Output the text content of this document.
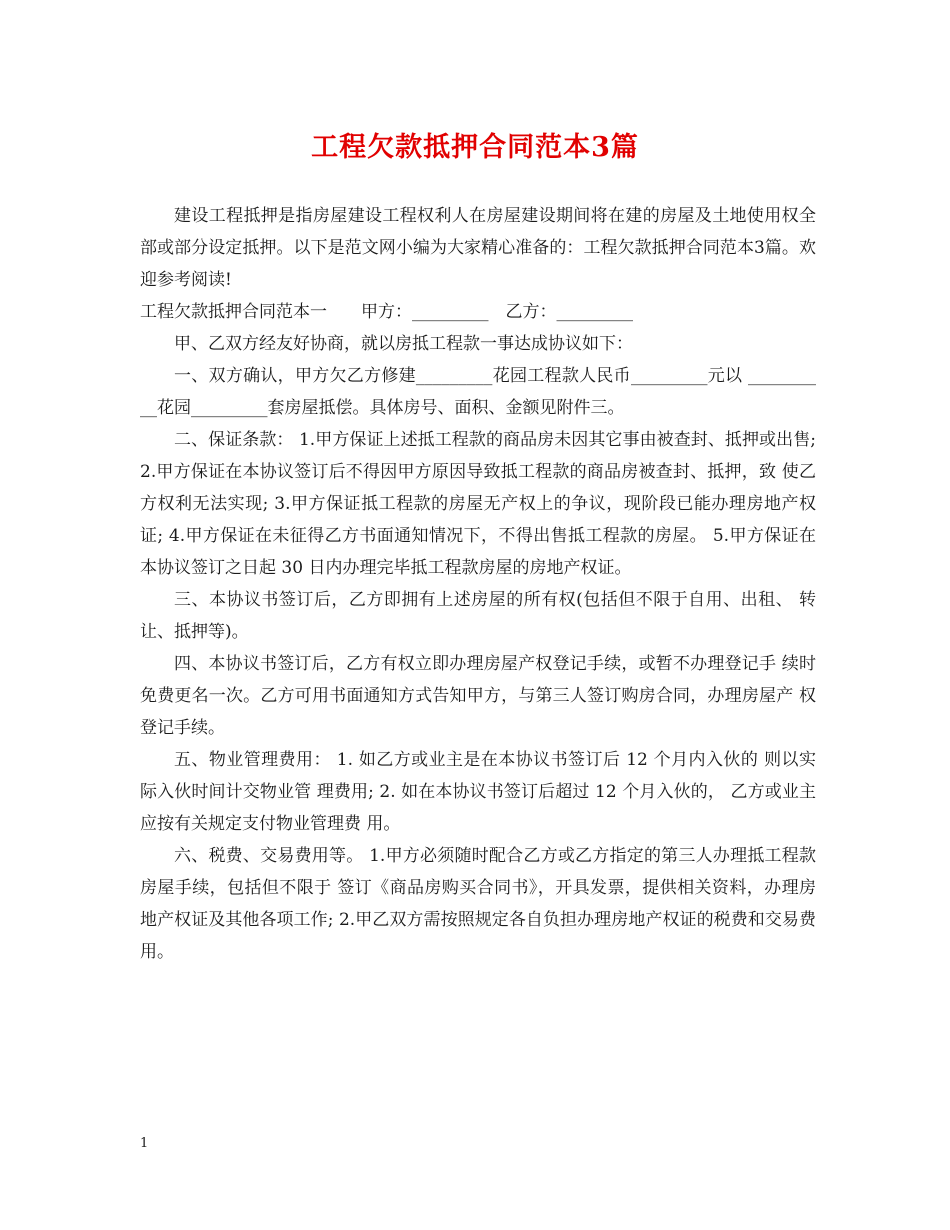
工程欠款抵押合同范本3篇

建设工程抵押是指房屋建设工程权利人在房屋建设期间将在建的房屋及土地使用权全部或部分设定抵押。以下是范文网小编为大家精心准备的：工程欠款抵押合同范本3篇。欢迎参考阅读!

工程欠款抵押合同范本一　　甲方：_________　乙方：_________

甲、乙双方经友好协商，就以房抵工程款一事达成协议如下：

一、双方确认，甲方欠乙方修建_________花园工程款人民币_________元以 __________花园_________套房屋抵偿。具体房号、面积、金额见附件三。

二、保证条款： 1.甲方保证上述抵工程款的商品房未因其它事由被查封、抵押或出售; 2.甲方保证在本协议签订后不得因甲方原因导致抵工程款的商品房被查封、抵押，致 使乙方权利无法实现; 3.甲方保证抵工程款的房屋无产权上的争议，现阶段已能办理房地产权证; 4.甲方保证在未征得乙方书面通知情况下，不得出售抵工程款的房屋。 5.甲方保证在本协议签订之日起 30 日内办理完毕抵工程款房屋的房地产权证。

三、本协议书签订后，乙方即拥有上述房屋的所有权(包括但不限于自用、出租、 转让、抵押等)。

四、本协议书签订后，乙方有权立即办理房屋产权登记手续，或暂不办理登记手 续时免费更名一次。乙方可用书面通知方式告知甲方，与第三人签订购房合同，办理房屋产 权登记手续。

五、物业管理费用： 1. 如乙方或业主是在本协议书签订后 12 个月内入伙的 则以实际入伙时间计交物业管 理费用; 2. 如在本协议书签订后超过 12 个月入伙的， 乙方或业主应按有关规定支付物业管理费 用。

六、税费、交易费用等。 1.甲方必须随时配合乙方或乙方指定的第三人办理抵工程款房屋手续，包括但不限于 签订《商品房购买合同书》，开具发票，提供相关资料，办理房地产权证及其他各项工作; 2.甲乙双方需按照规定各自负担办理房地产权证的税费和交易费用。

1
